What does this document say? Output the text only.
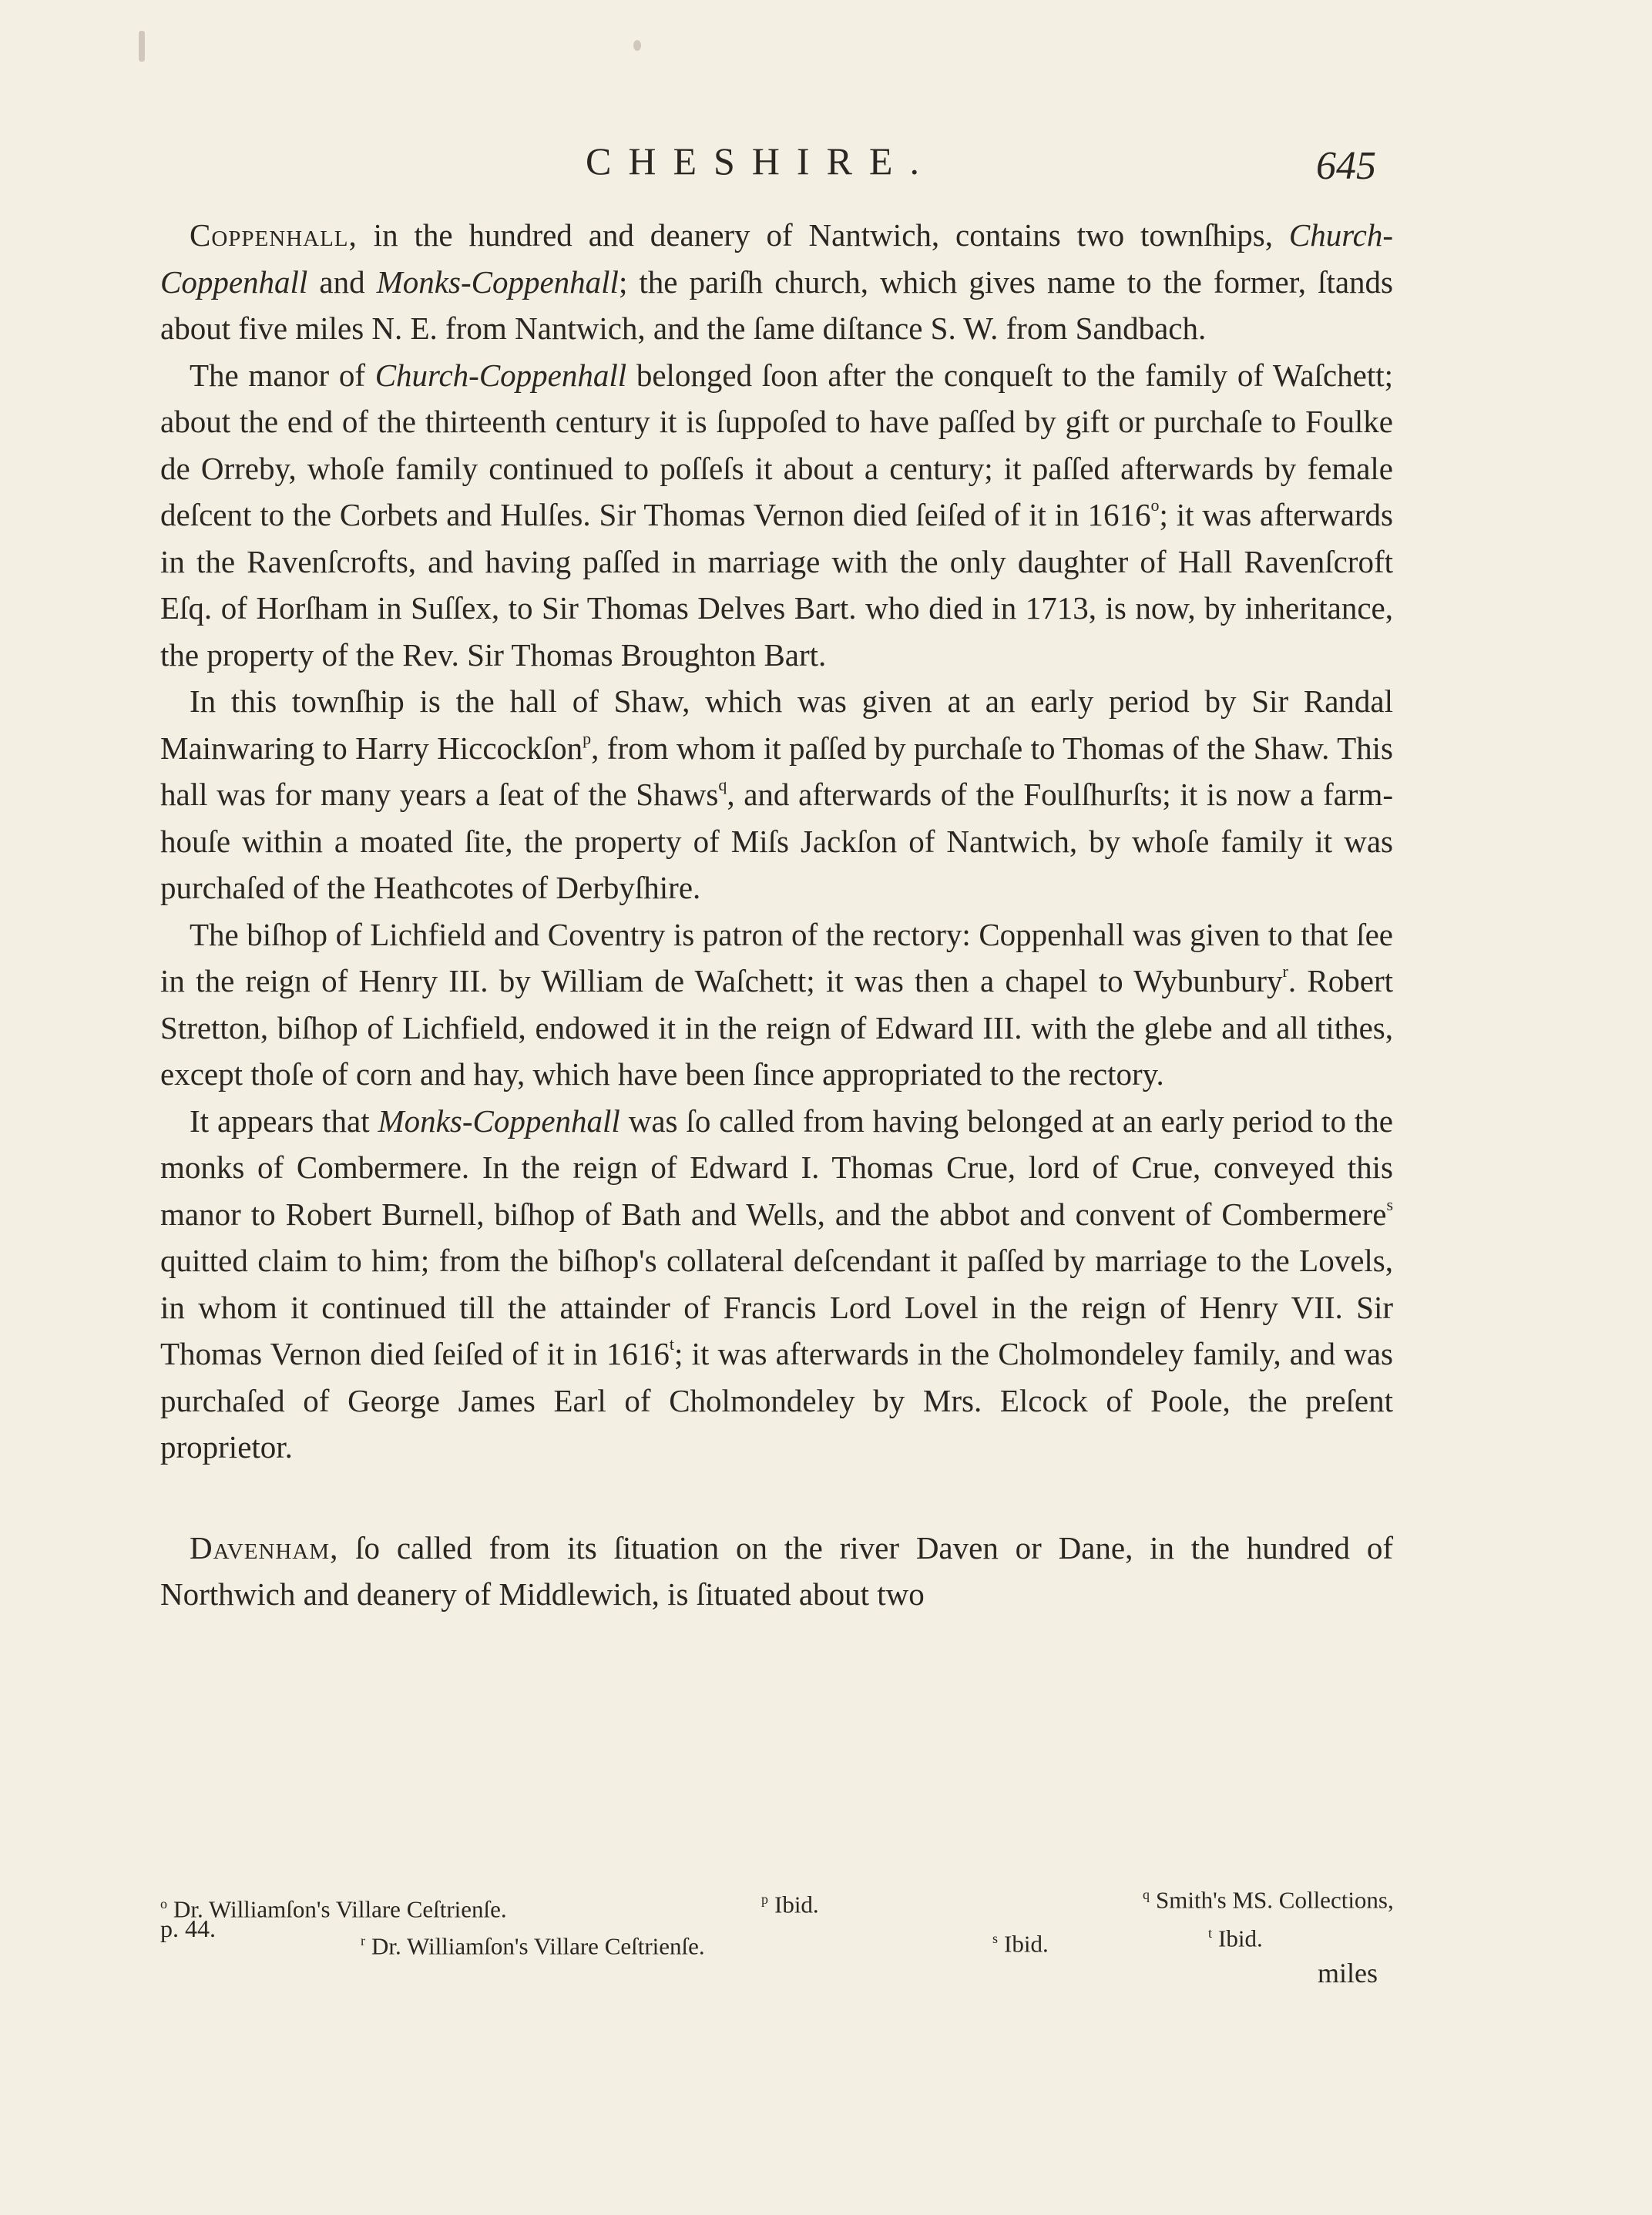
CHESHIRE.	645

Coppenhall, in the hundred and deanery of Nantwich, contains two townſhips, Church-Coppenhall and Monks-Coppenhall; the pariſh church, which gives name to the former, ſtands about five miles N. E. from Nantwich, and the ſame diſtance S. W. from Sandbach.

The manor of Church-Coppenhall belonged ſoon after the conqueſt to the family of Waſchett; about the end of the thirteenth century it is ſuppoſed to have paſſed by gift or purchaſe to Foulke de Orreby, whoſe family continued to poſſeſs it about a century; it paſſed afterwards by female deſcent to the Corbets and Hulſes. Sir Thomas Vernon died ſeiſed of it in 1616$^o$; it was afterwards in the Ravenſcrofts, and having paſſed in marriage with the only daughter of Hall Ravenſcroft Eſq. of Horſham in Suſſex, to Sir Thomas Delves Bart. who died in 1713, is now, by inheritance, the property of the Rev. Sir Thomas Broughton Bart.

In this townſhip is the hall of Shaw, which was given at an early period by Sir Randal Mainwaring to Harry Hiccockſon$^p$, from whom it paſſed by purchaſe to Thomas of the Shaw. This hall was for many years a ſeat of the Shaws$^q$, and afterwards of the Foulſhurſts; it is now a farm-houſe within a moated ſite, the property of Miſs Jackſon of Nantwich, by whoſe family it was purchaſed of the Heathcotes of Derbyſhire.

The biſhop of Lichfield and Coventry is patron of the rectory: Coppenhall was given to that ſee in the reign of Henry III. by William de Waſchett; it was then a chapel to Wybunbury$^r$. Robert Stretton, biſhop of Lichfield, endowed it in the reign of Edward III. with the glebe and all tithes, except thoſe of corn and hay, which have been ſince appropriated to the rectory.

It appears that Monks-Coppenhall was ſo called from having belonged at an early period to the monks of Combermere. In the reign of Edward I. Thomas Crue, lord of Crue, conveyed this manor to Robert Burnell, biſhop of Bath and Wells, and the abbot and convent of Combermere$^s$ quitted claim to him; from the biſhop's collateral deſcendant it paſſed by marriage to the Lovels, in whom it continued till the attainder of Francis Lord Lovel in the reign of Henry VII. Sir Thomas Vernon died ſeiſed of it in 1616$^t$; it was afterwards in the Cholmondeley family, and was purchaſed of George James Earl of Cholmondeley by Mrs. Elcock of Poole, the preſent proprietor.

Davenham, ſo called from its ſituation on the river Daven or Dane, in the hundred of Northwich and deanery of Middlewich, is ſituated about two

$^o$ Dr. Williamſon's Villare Ceſtrienſe.	$^p$ Ibid.	$^q$ Smith's MS. Collections,
$^r$ Dr. Williamſon's Villare Ceſtrienſe.	$^s$ Ibid.	$^t$ Ibid.
p. 44.
miles
